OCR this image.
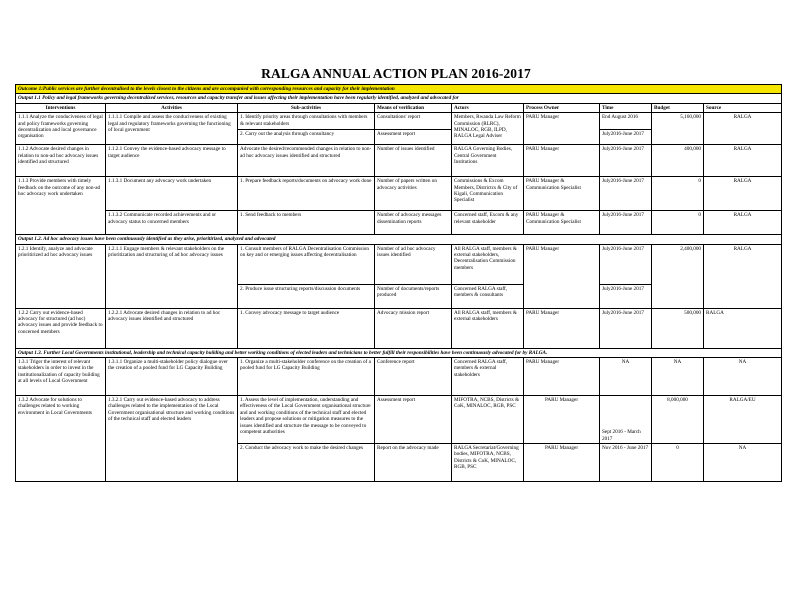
RALGA ANNUAL ACTION PLAN 2016-2017
Outcome 1:Public services are further decentralised to the levels closest to the citizens and are accompanied with corresponding resources and capacity for their implementation								
Output 1.1 Policy and legal frameworks governing decentralized services, resources and capacity transfer and issues affecting their implementation have been regularly identified, analyzed and advocated for								
Interventions	Activities	Sub-activities	Means of verification	Actors	Process Owner	Time	Budget	Source
1.1.1 Analyze the conduciveness of legal and policy frameworks governing decentralization and local governance organisation	1.1.1.1 Compile and assess the conduciveness of existing legal and regulatory frameworks governing the functioning of local government	1. Identify priority areas through consultations with members & relevant stakeholders	Consultations' report	Members, Rwanda Law Reform Commission (RLRC), MINALOC, RGB, ILPD, RALGA Legal Adviser	PARU Manager	End August 2016	5,160,000	RALGA
		2. Carry out the analysis through consultancy	Assessment report			July2016-June 2017		
1.1.2 Advocate desired changes in relation to non-ad hoc advocacy issues identified and structured	1.1.2.1 Convey the evidence-based advocacy message to target audience	Advocate the desired/recommended changes in relation to non-ad hoc advocacy issues identified and structured	Number of issues identified	RALGA Governing Bodies, Central Government Institutions	PARU Manager	July2016-June 2017	400,000	RALGA
1.1.3 Provide members with timely feedback on the outcome of any non-ad hoc advocacy work undertaken	1.1.3.1 Document any advocacy work undertaken	1. Prepare feedback reports/documents on advocacy work done	Number of papers written on advocacy activities	Commissions & Excom Members, Districtcs & City of Kigali, Communication Specialist	PARU Manager & Communication Specialist	July2016-June 2017	0	RALGA
	1.1.3.2 Communicate recorded achievements and or advocacy status to concerned members	1. Send feedback to members	Number of advocacy messages dissemination reports	Concerned staff, Excom & any relevant stakeholder	PARU Manager & Communication Specialist	July2016-June 2017	0	RALGA
Output 1.2. Ad hoc advocacy issues have been continuously identified as they arise, prioritirized, analyzed and advocated								
1.2.1 Identify, analyze and advocate prioritirized ad hoc advocacy issues	1.2.1.1 Engage members & relevant stakeholders on the prioritization and structuring of ad hoc advocacy issues	1. Consult members of RALGA Decentralisation Commission on key and or emerging issues affecting decentralisation	Number of ad hoc advocacy issues identified	All RALGA staff, members & external stakeholders, Decentralisation Commission members	PARU Manager	July2016-June 2017	2,400,000	RALGA
		2. Produce issue structuring reports/discussion documents	Number of documents/reports produced	Concerned RALGA staff, members & consultants		July2016-June 2017		
1.2.2 Carry out evidence-based advocacy for structured (ad hoc) advocacy issues and provide feedback to concerned members	1.2.2.1 Advocate desired changes in relation to ad hoc advocacy issues identified and structured	1. Convey advocacy message to target audience	Advocacy mission report	All RALGA staff, members & external stakeholders	PARU Manager	July2016-June 2017	500,000	RALGA
Output 1.3. Further Local Governments institutional, leadership and technical capacity building and better working conditions of elected leaders and technicians to better fulfill their responsibilities have been continuously advocated for by RALGA.								
1.3.1 Triger the interest of relevant stakeholders in order to invest in the institutionalization of capacity building at all levels of Local Government	1.3.1.1 Organize a multi-stakeholder policy dialogue over the creation of a pooled fund for LG Capacity Building	1. Organize a multi-stakeholder conference on the creation of a pooled fund for LG Capacity Building	Conference report	Concerned RALGA staff, members & external stakeholders	PARU Manager	NA	NA	NA
1.3.2 Advocate for solutions to challenges related to working environment in Local Governments	1.3.2.1 Carry out evidence-based advocacy to address challenges related to the implementation of the Local Government organisational structure and working conditions of the technical staff and elected leaders	1. Assess the level of implementation, understanding and effectiveness of the Local Government organisational structure and and working conditions of the technical staff and elected leaders and propose solutions or mitigation measures to the issues identified and structure the message to be conveyed to competent authorities	Assessment report	MIFOTRA, NCBS, Districts & CoK, MINALOC, RGB, PSC	PARU Manager	Sept 2016 - March 2017	8,000,000	RALGA/EU
		2. Conduct the advocacy work to make the desired changes	Report on the advocacy made	RALGA Secretariat/Governing bodies, MIFOTRA, NCBS, Districts & CoK, MINALOC, RGB, PSC	PARU Manager	Nov 2016 - June 2017	0	NA
